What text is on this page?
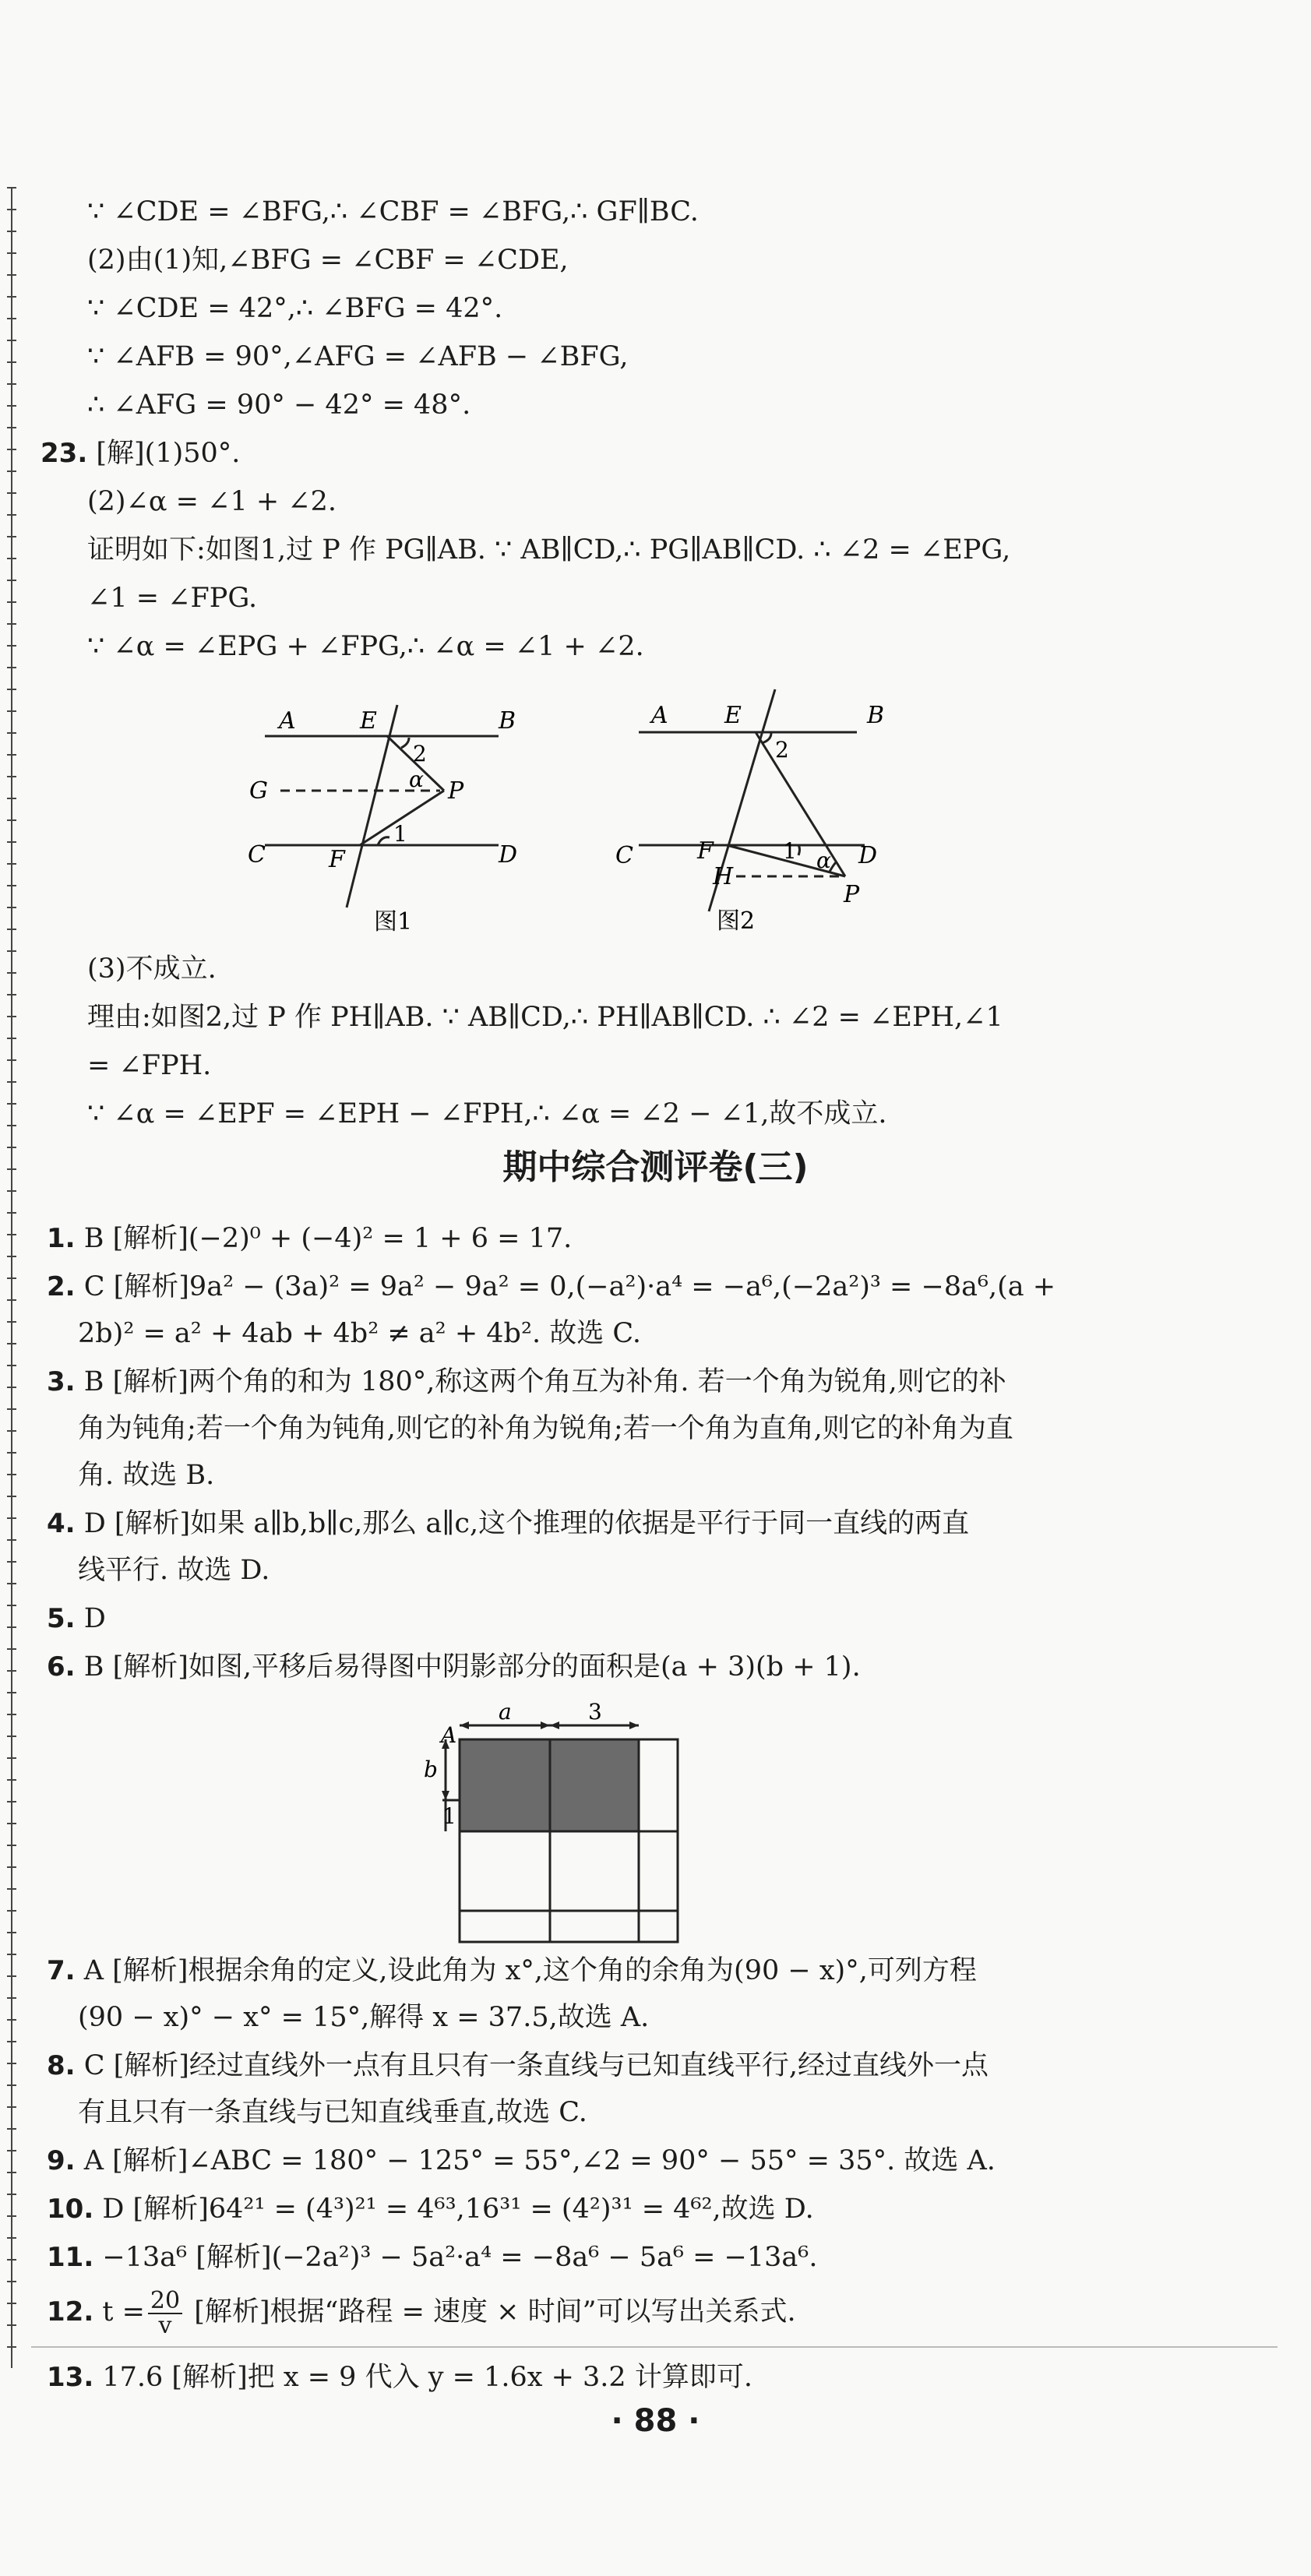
∵ ∠CDE = ∠BFG,∴ ∠CBF = ∠BFG,∴ GF∥BC.
(2)由(1)知,∠BFG = ∠CBF = ∠CDE,
∵ ∠CDE = 42°,∴ ∠BFG = 42°.
∵ ∠AFB = 90°,∠AFG = ∠AFB − ∠BFG,
∴ ∠AFG = 90° − 42° = 48°.
23. [解](1)50°.
(2)∠α = ∠1 + ∠2.
证明如下:如图1,过 P 作 PG∥AB. ∵ AB∥CD,∴ PG∥AB∥CD. ∴ ∠2 = ∠EPG,
∠1 = ∠FPG.
∵ ∠α = ∠EPG + ∠FPG,∴ ∠α = ∠1 + ∠2.
A	E	B
2
G	α P
1
C	F	D
图1
A E	B
2
C	F	1 α D
H
P
图2
(3)不成立.
理由:如图2,过 P 作 PH∥AB. ∵ AB∥CD,∴ PH∥AB∥CD. ∴ ∠2 = ∠EPH,∠1
= ∠FPH.
∵ ∠α = ∠EPF = ∠EPH − ∠FPH,∴ ∠α = ∠2 − ∠1,故不成立.
期中综合测评卷(三)
1. B [解析](−2)⁰ + (−4)² = 1 + 6 = 17.
2. C [解析]9a² − (3a)² = 9a² − 9a² = 0,(−a²)·a⁴ = −a⁶,(−2a²)³ = −8a⁶,(a +
2b)² = a² + 4ab + 4b² ≠ a² + 4b². 故选 C.
3. B [解析]两个角的和为 180°,称这两个角互为补角. 若一个角为锐角,则它的补
角为钝角;若一个角为钝角,则它的补角为锐角;若一个角为直角,则它的补角为直
角. 故选 B.
4. D [解析]如果 a∥b,b∥c,那么 a∥c,这个推理的依据是平行于同一直线的两直
线平行. 故选 D.
5. D
6. B [解析]如图,平移后易得图中阴影部分的面积是(a + 3)(b + 1).
A
a	3
b
1
7. A [解析]根据余角的定义,设此角为 x°,这个角的余角为(90 − x)°,可列方程
(90 − x)° − x° = 15°,解得 x = 37.5,故选 A.
8. C [解析]经过直线外一点有且只有一条直线与已知直线平行,经过直线外一点
有且只有一条直线与已知直线垂直,故选 C.
9. A [解析]∠ABC = 180° − 125° = 55°,∠2 = 90° − 55° = 35°. 故选 A.
10. D [解析]64²¹ = (4³)²¹ = 4⁶³,16³¹ = (4²)³¹ = 4⁶²,故选 D.
11. −13a⁶ [解析](−2a²)³ − 5a²·a⁴ = −8a⁶ − 5a⁶ = −13a⁶.
12. $t = \frac{20}{v}$ [解析]根据“路程 = 速度 × 时间”可以写出关系式.
13. 17.6 [解析]把 x = 9 代入 y = 1.6x + 3.2 计算即可.
· 88 ·
